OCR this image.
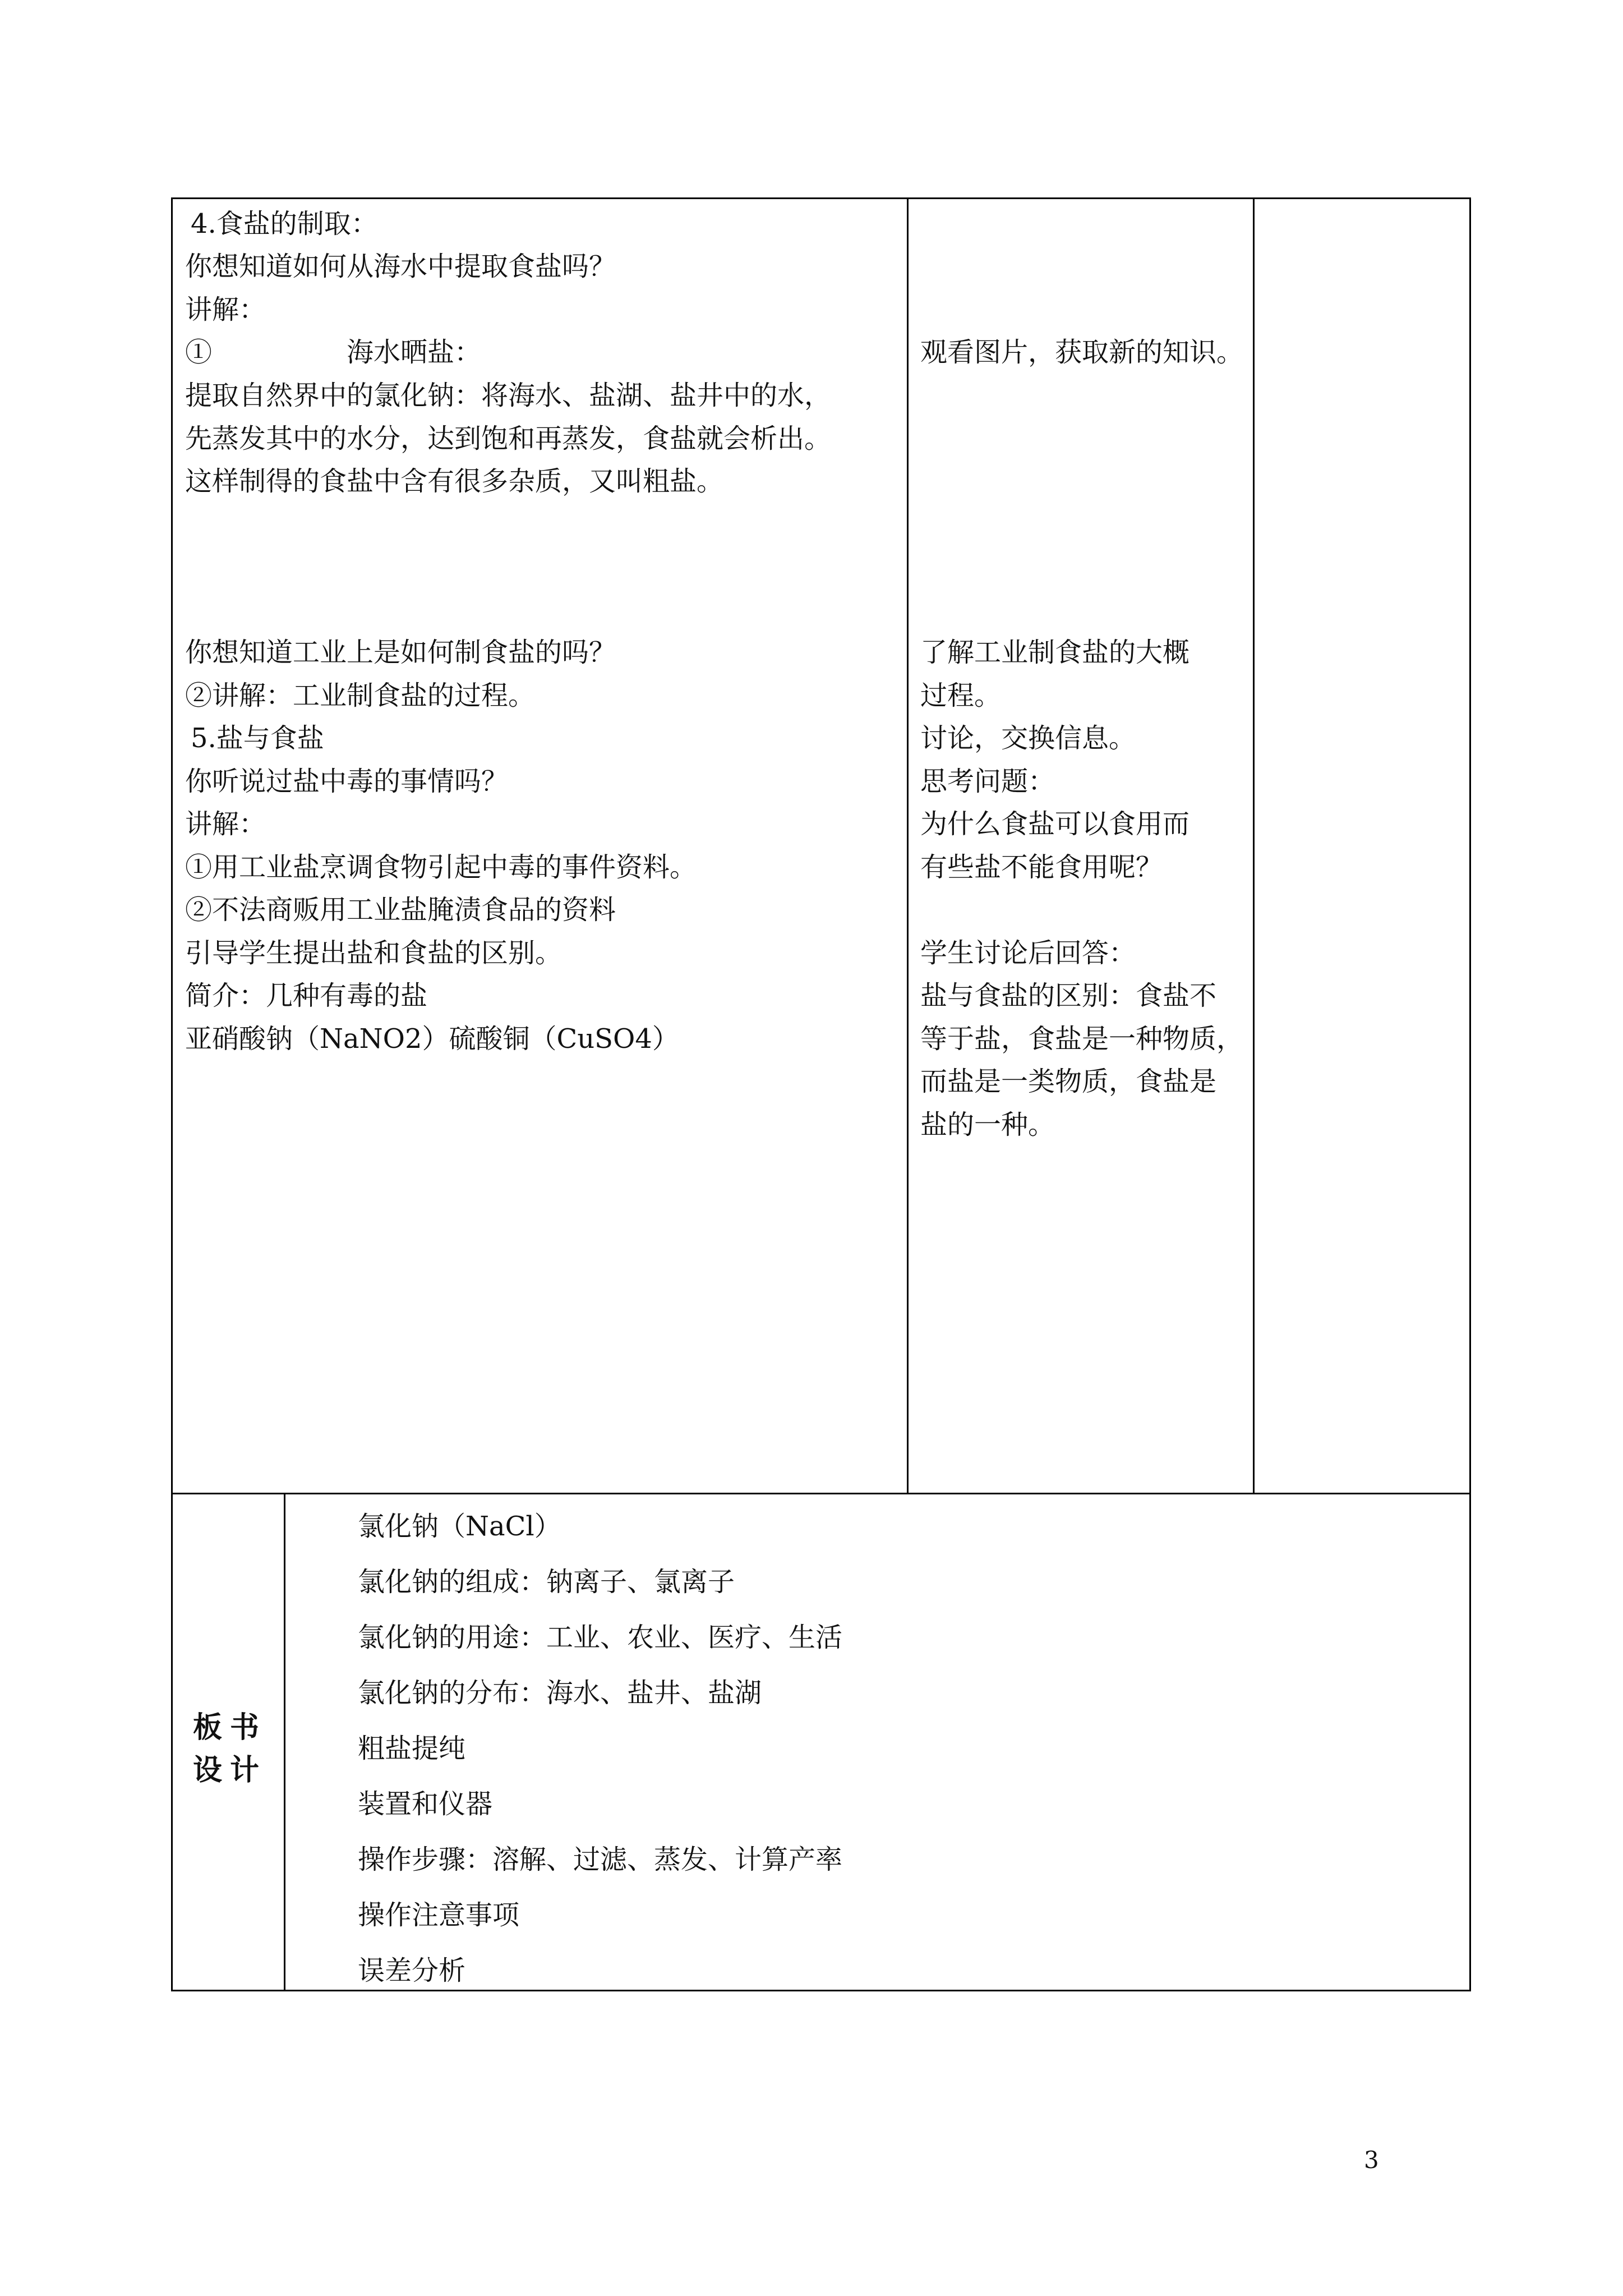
4.食盐的制取：
你想知道如何从海水中提取食盐吗？
讲解：
①　　　　　海水晒盐：
提取自然界中的氯化钠：将海水、盐湖、盐井中的水，
先蒸发其中的水分，达到饱和再蒸发，食盐就会析出。
这样制得的食盐中含有很多杂质，又叫粗盐。
你想知道工业上是如何制食盐的吗？
②讲解：工业制食盐的过程。
5.盐与食盐
你听说过盐中毒的事情吗？
讲解：
①用工业盐烹调食物引起中毒的事件资料。
②不法商贩用工业盐腌渍食品的资料
引导学生提出盐和食盐的区别。
简介：几种有毒的盐
亚硝酸钠（NaNO2）硫酸铜（CuSO4）
观看图片，获取新的知识。
了解工业制食盐的大概
过程。
讨论，交换信息。
思考问题：
为什么食盐可以食用而
有些盐不能食用呢？
学生讨论后回答：
盐与食盐的区别：食盐不
等于盐，食盐是一种物质，
而盐是一类物质，食盐是
盐的一种。
板书
设计
氯化钠（NaCl）
氯化钠的组成：钠离子、氯离子
氯化钠的用途：工业、农业、医疗、生活
氯化钠的分布：海水、盐井、盐湖
粗盐提纯
装置和仪器
操作步骤：溶解、过滤、蒸发、计算产率
操作注意事项
误差分析
3
